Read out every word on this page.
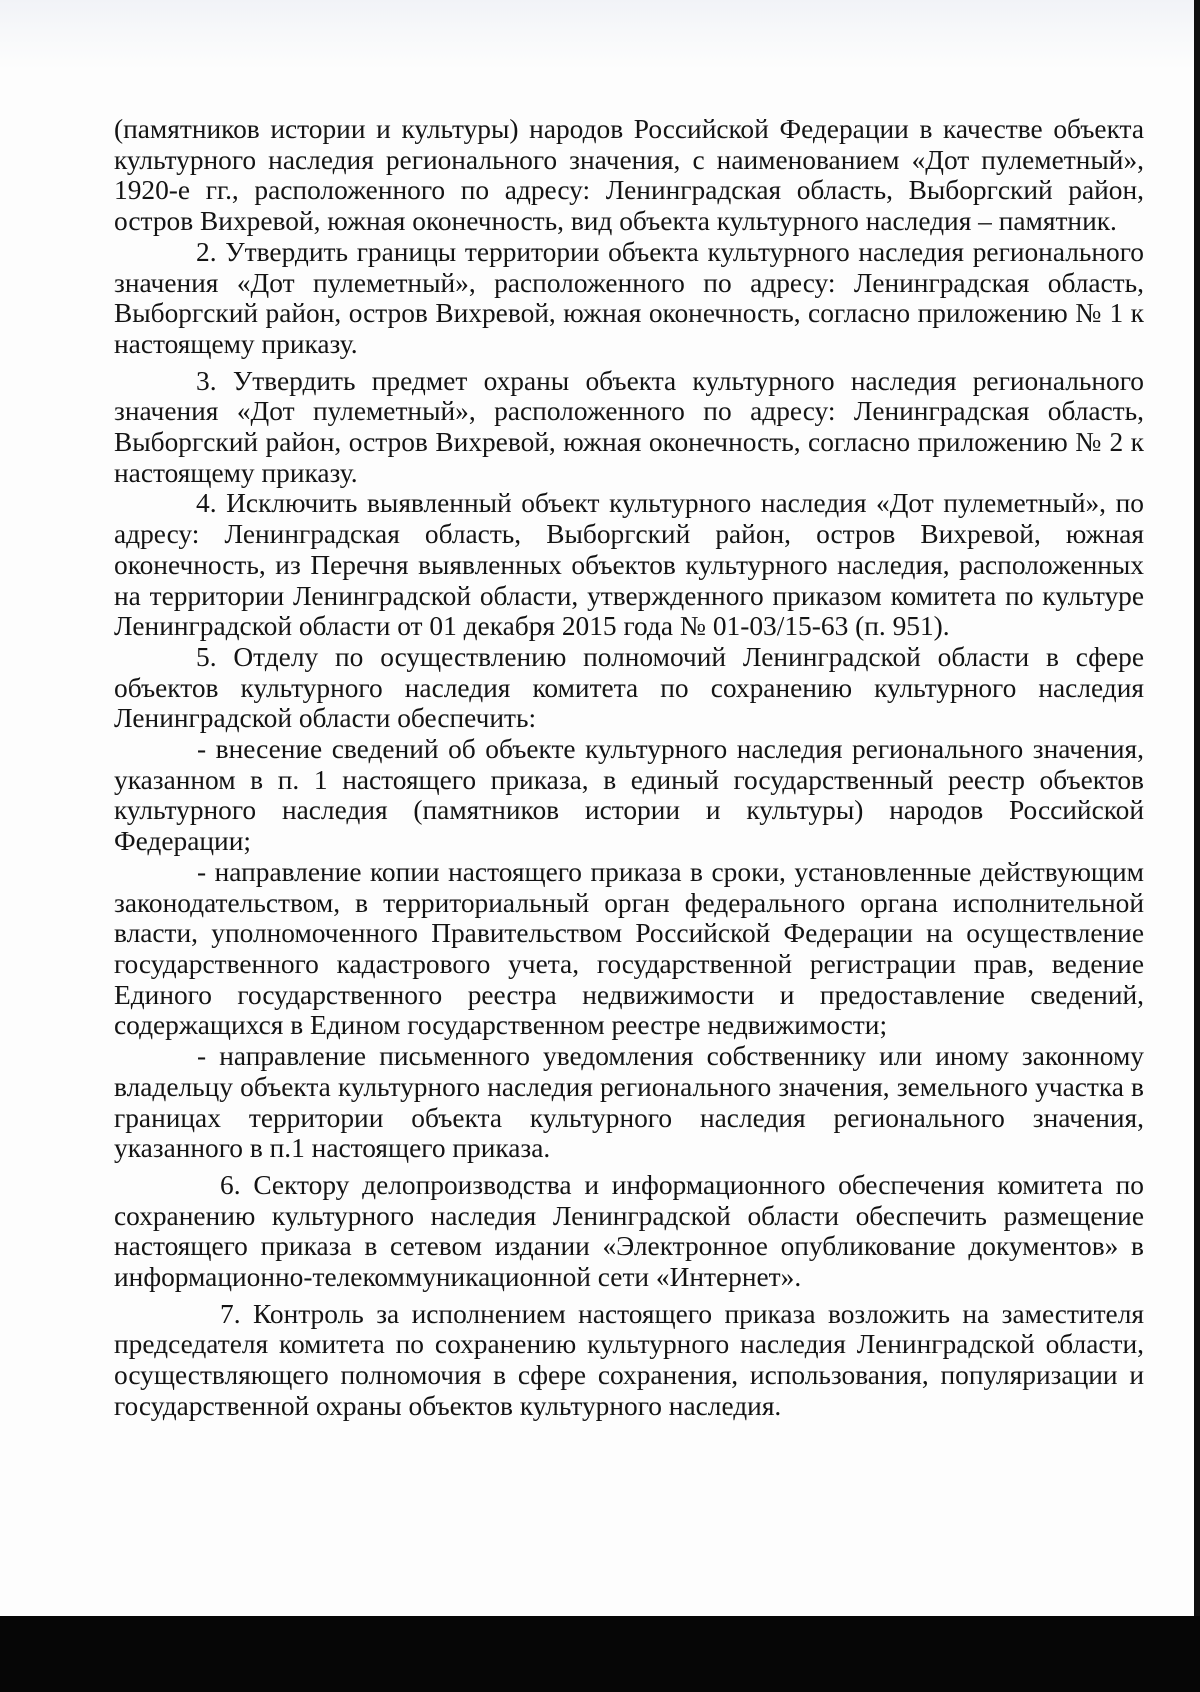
(памятников истории и культуры) народов Российской Федерации в качестве объекта культурного наследия регионального значения, с наименованием «Дот пулеметный», 1920-е гг., расположенного по адресу: Ленинградская область, Выборгский район, остров Вихревой, южная оконечность, вид объекта культурного наследия – памятник.

2. Утвердить границы территории объекта культурного наследия регионального значения «Дот пулеметный», расположенного по адресу: Ленинградская область, Выборгский район, остров Вихревой, южная оконечность, согласно приложению № 1 к настоящему приказу.

3. Утвердить предмет охраны объекта культурного наследия регионального значения «Дот пулеметный», расположенного по адресу: Ленинградская область, Выборгский район, остров Вихревой, южная оконечность, согласно приложению № 2 к настоящему приказу.

4. Исключить выявленный объект культурного наследия «Дот пулеметный», по адресу: Ленинградская область, Выборгский район, остров Вихревой, южная оконечность, из Перечня выявленных объектов культурного наследия, расположенных на территории Ленинградской области, утвержденного приказом комитета по культуре Ленинградской области от 01 декабря 2015 года № 01-03/15-63 (п. 951).

5. Отделу по осуществлению полномочий Ленинградской области в сфере объектов культурного наследия комитета по сохранению культурного наследия Ленинградской области обеспечить:

- внесение сведений об объекте культурного наследия регионального значения, указанном в п. 1 настоящего приказа, в единый государственный реестр объектов культурного наследия (памятников истории и культуры) народов Российской Федерации;

- направление копии настоящего приказа в сроки, установленные действующим законодательством, в территориальный орган федерального органа исполнительной власти, уполномоченного Правительством Российской Федерации на осуществление государственного кадастрового учета, государственной регистрации прав, ведение Единого государственного реестра недвижимости и предоставление сведений, содержащихся в Едином государственном реестре недвижимости;

- направление письменного уведомления собственнику или иному законному владельцу объекта культурного наследия регионального значения, земельного участка в границах территории объекта культурного наследия регионального значения, указанного в п.1 настоящего приказа.

6. Сектору делопроизводства и информационного обеспечения комитета по сохранению культурного наследия Ленинградской области обеспечить размещение настоящего приказа в сетевом издании «Электронное опубликование документов» в информационно-телекоммуникационной сети «Интернет».

7. Контроль за исполнением настоящего приказа возложить на заместителя председателя комитета по сохранению культурного наследия Ленинградской области, осуществляющего полномочия в сфере сохранения, использования, популяризации и государственной охраны объектов культурного наследия.
